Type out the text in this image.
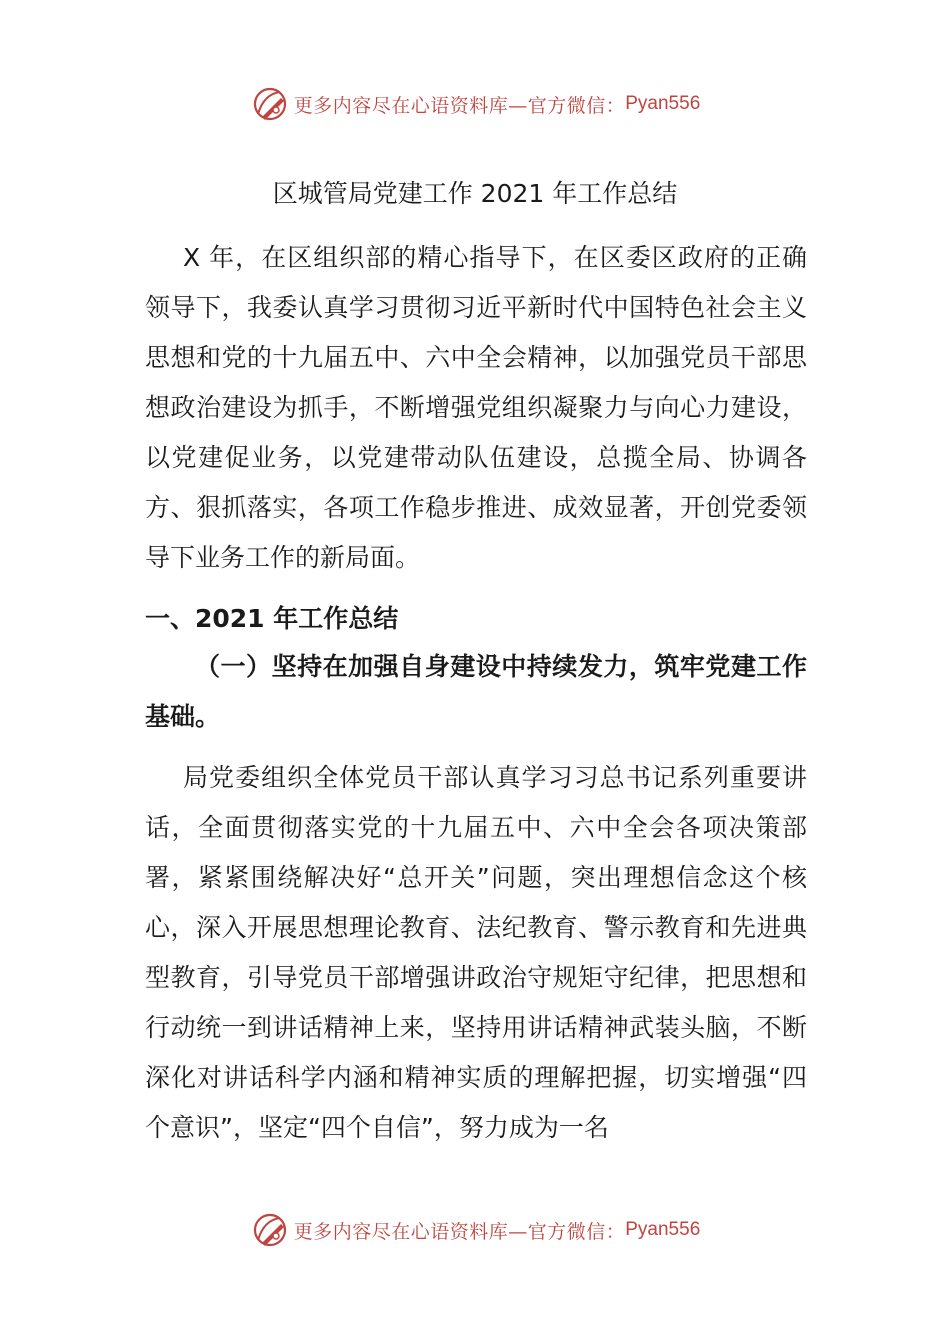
更多内容尽在心语资料库—官方微信： Pyan556
区城管局党建工作 2021 年工作总结

X 年，在区组织部的精心指导下，在区委区政府的正确领导下，我委认真学习贯彻习近平新时代中国特色社会主义思想和党的十九届五中、六中全会精神，以加强党员干部思想政治建设为抓手，不断增强党组织凝聚力与向心力建设，以党建促业务，以党建带动队伍建设，总揽全局、协调各方、狠抓落实，各项工作稳步推进、成效显著，开创党委领导下业务工作的新局面。

一、2021 年工作总结

（一）坚持在加强自身建设中持续发力，筑牢党建工作基础。

局党委组织全体党员干部认真学习习总书记系列重要讲话，全面贯彻落实党的十九届五中、六中全会各项决策部署，紧紧围绕解决好“总开关”问题，突出理想信念这个核心，深入开展思想理论教育、法纪教育、警示教育和先进典型教育，引导党员干部增强讲政治守规矩守纪律，把思想和行动统一到讲话精神上来，坚持用讲话精神武装头脑，不断深化对讲话科学内涵和精神实质的理解把握，切实增强“四个意识”，坚定“四个自信”，努力成为一名

更多内容尽在心语资料库—官方微信： Pyan556
